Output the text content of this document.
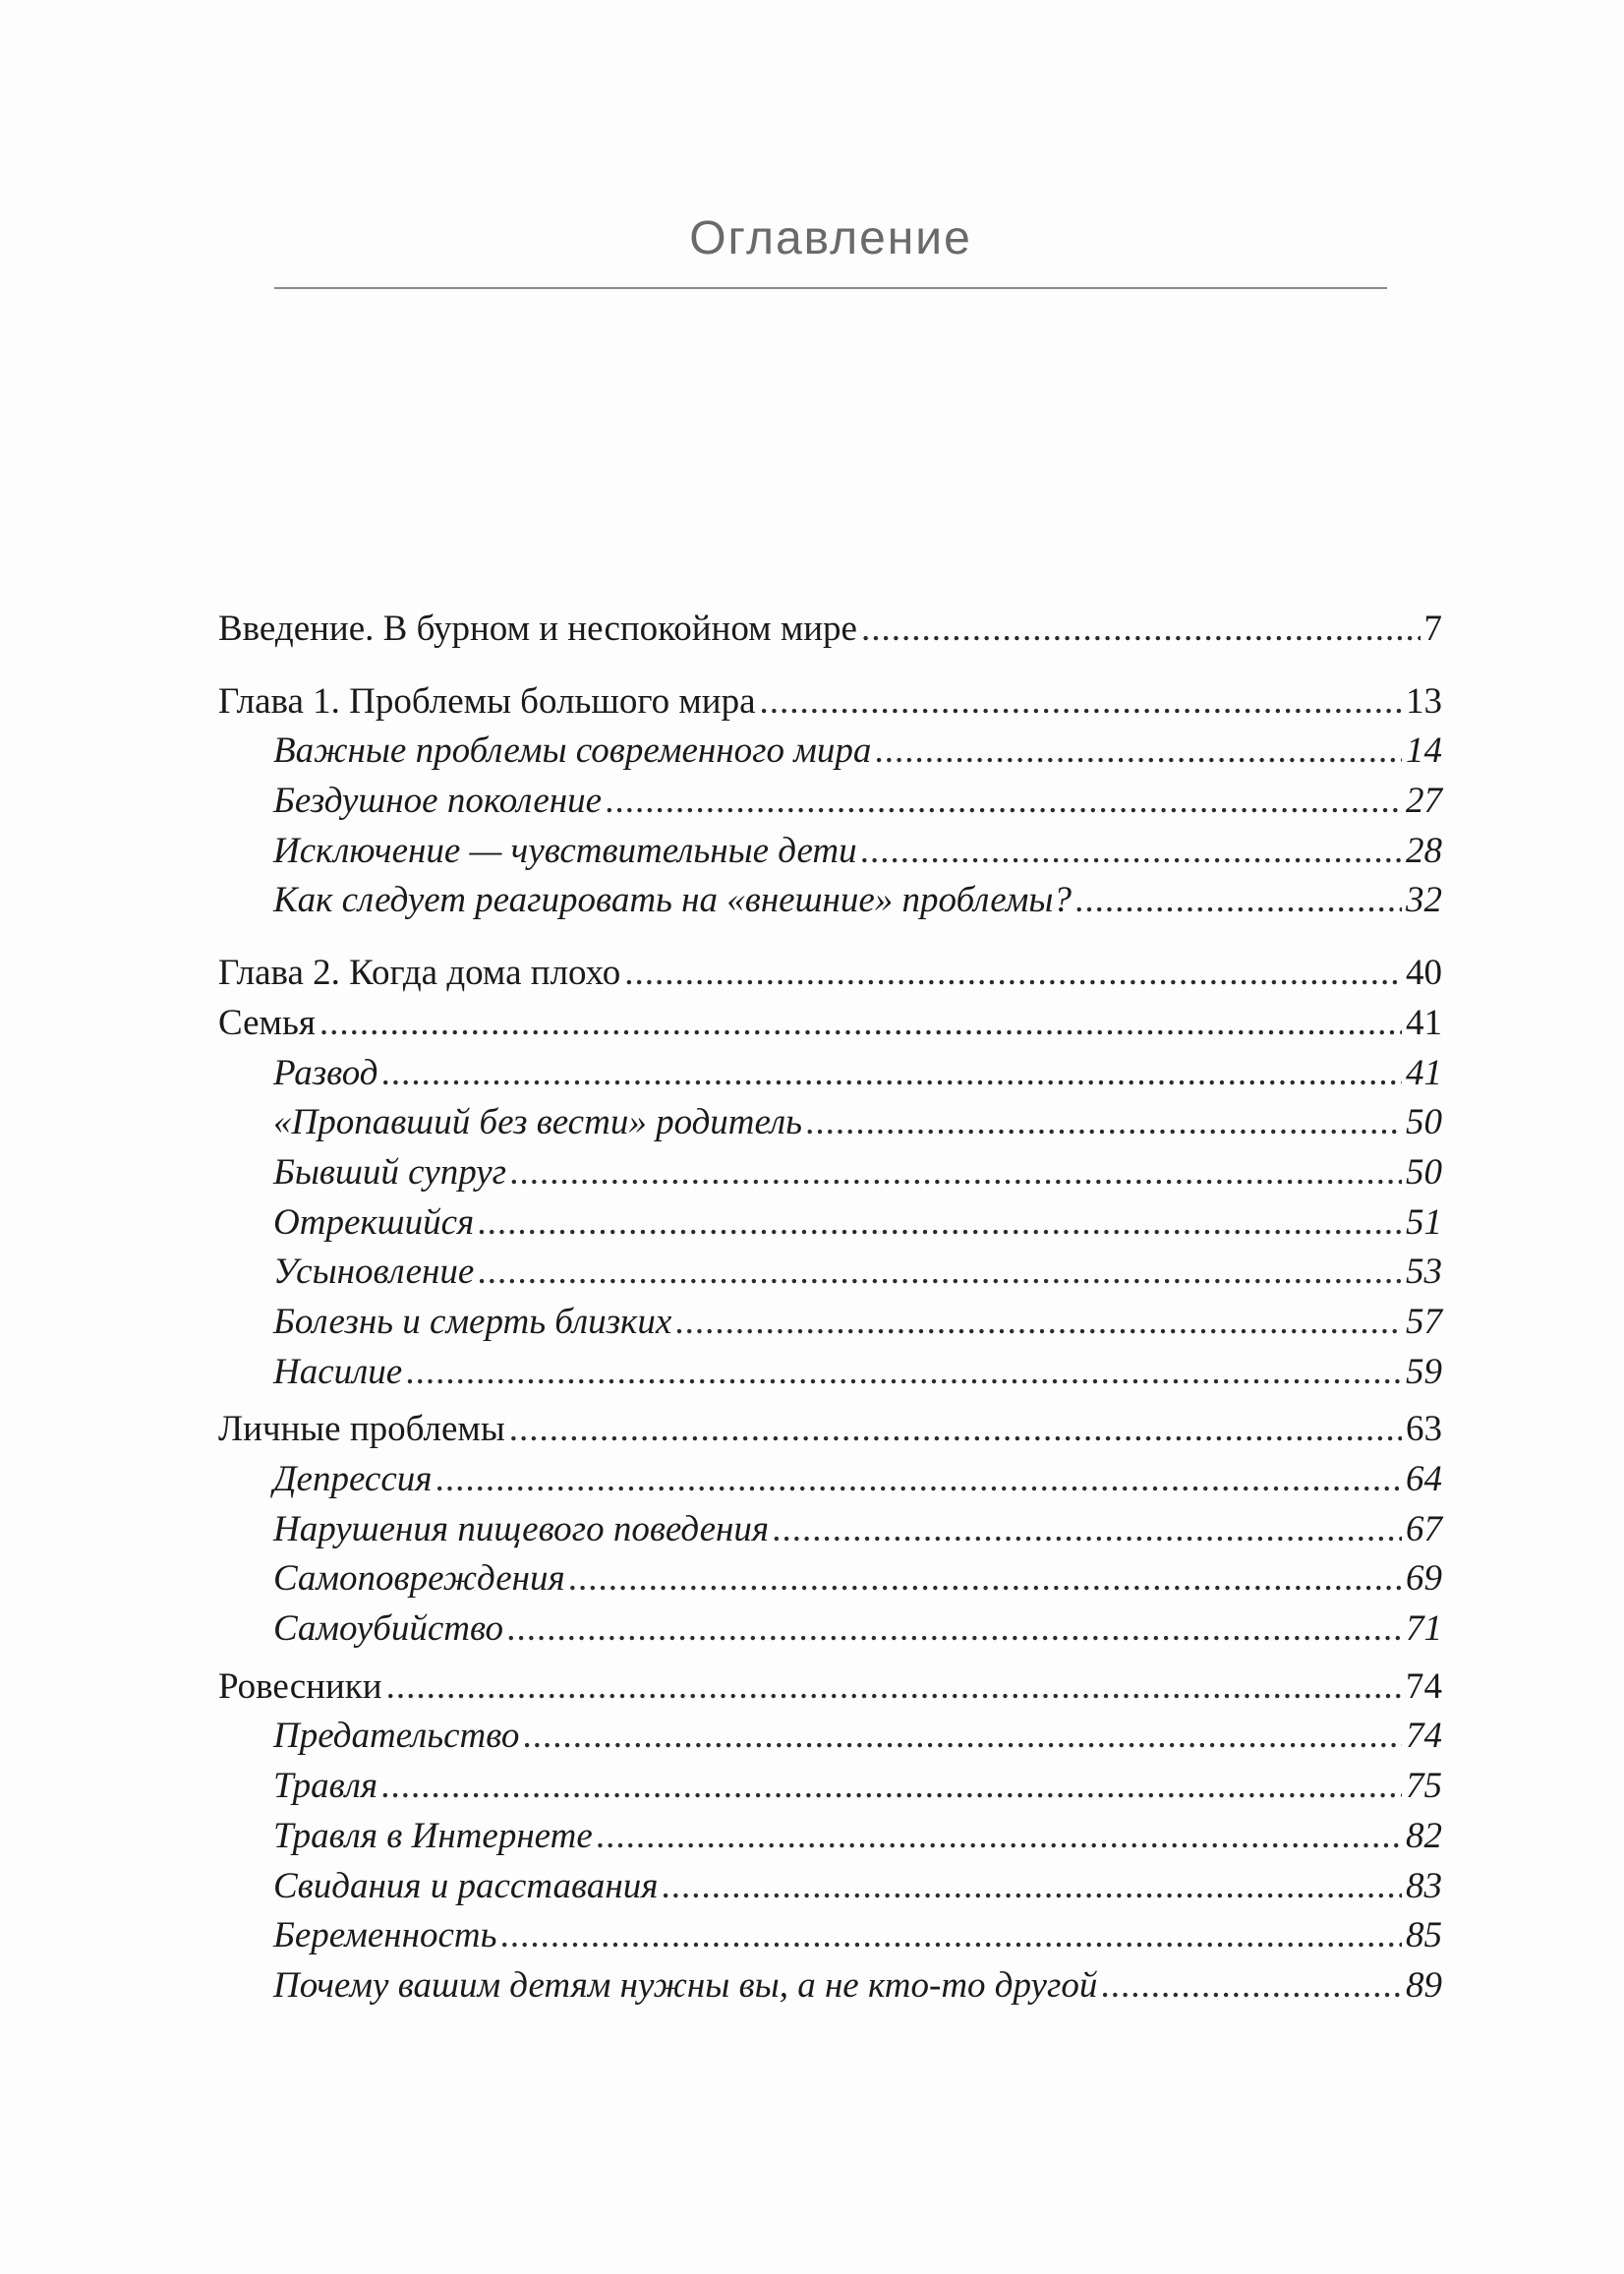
Оглавление
Введение. В бурном и неспокойном мире .....	7
Глава 1. Проблемы большого мира .....	13
Важные проблемы современного мира .....	14
Бездушное поколение .....	27
Исключение — чувствительные дети .....	28
Как следует реагировать на «внешние» проблемы? .....	32
Глава 2. Когда дома плохо .....	40
Семья .....	41
Развод .....	41
«Пропавший без вести» родитель .....	50
Бывший супруг .....	50
Отрекшийся .....	51
Усыновление .....	53
Болезнь и смерть близких .....	57
Насилие .....	59
Личные проблемы .....	63
Депрессия .....	64
Нарушения пищевого поведения .....	67
Самоповреждения .....	69
Самоубийство .....	71
Ровесники .....	74
Предательство .....	74
Травля .....	75
Травля в Интернете .....	82
Свидания и расставания .....	83
Беременность .....	85
Почему вашим детям нужны вы, а не кто-то другой .....	89
